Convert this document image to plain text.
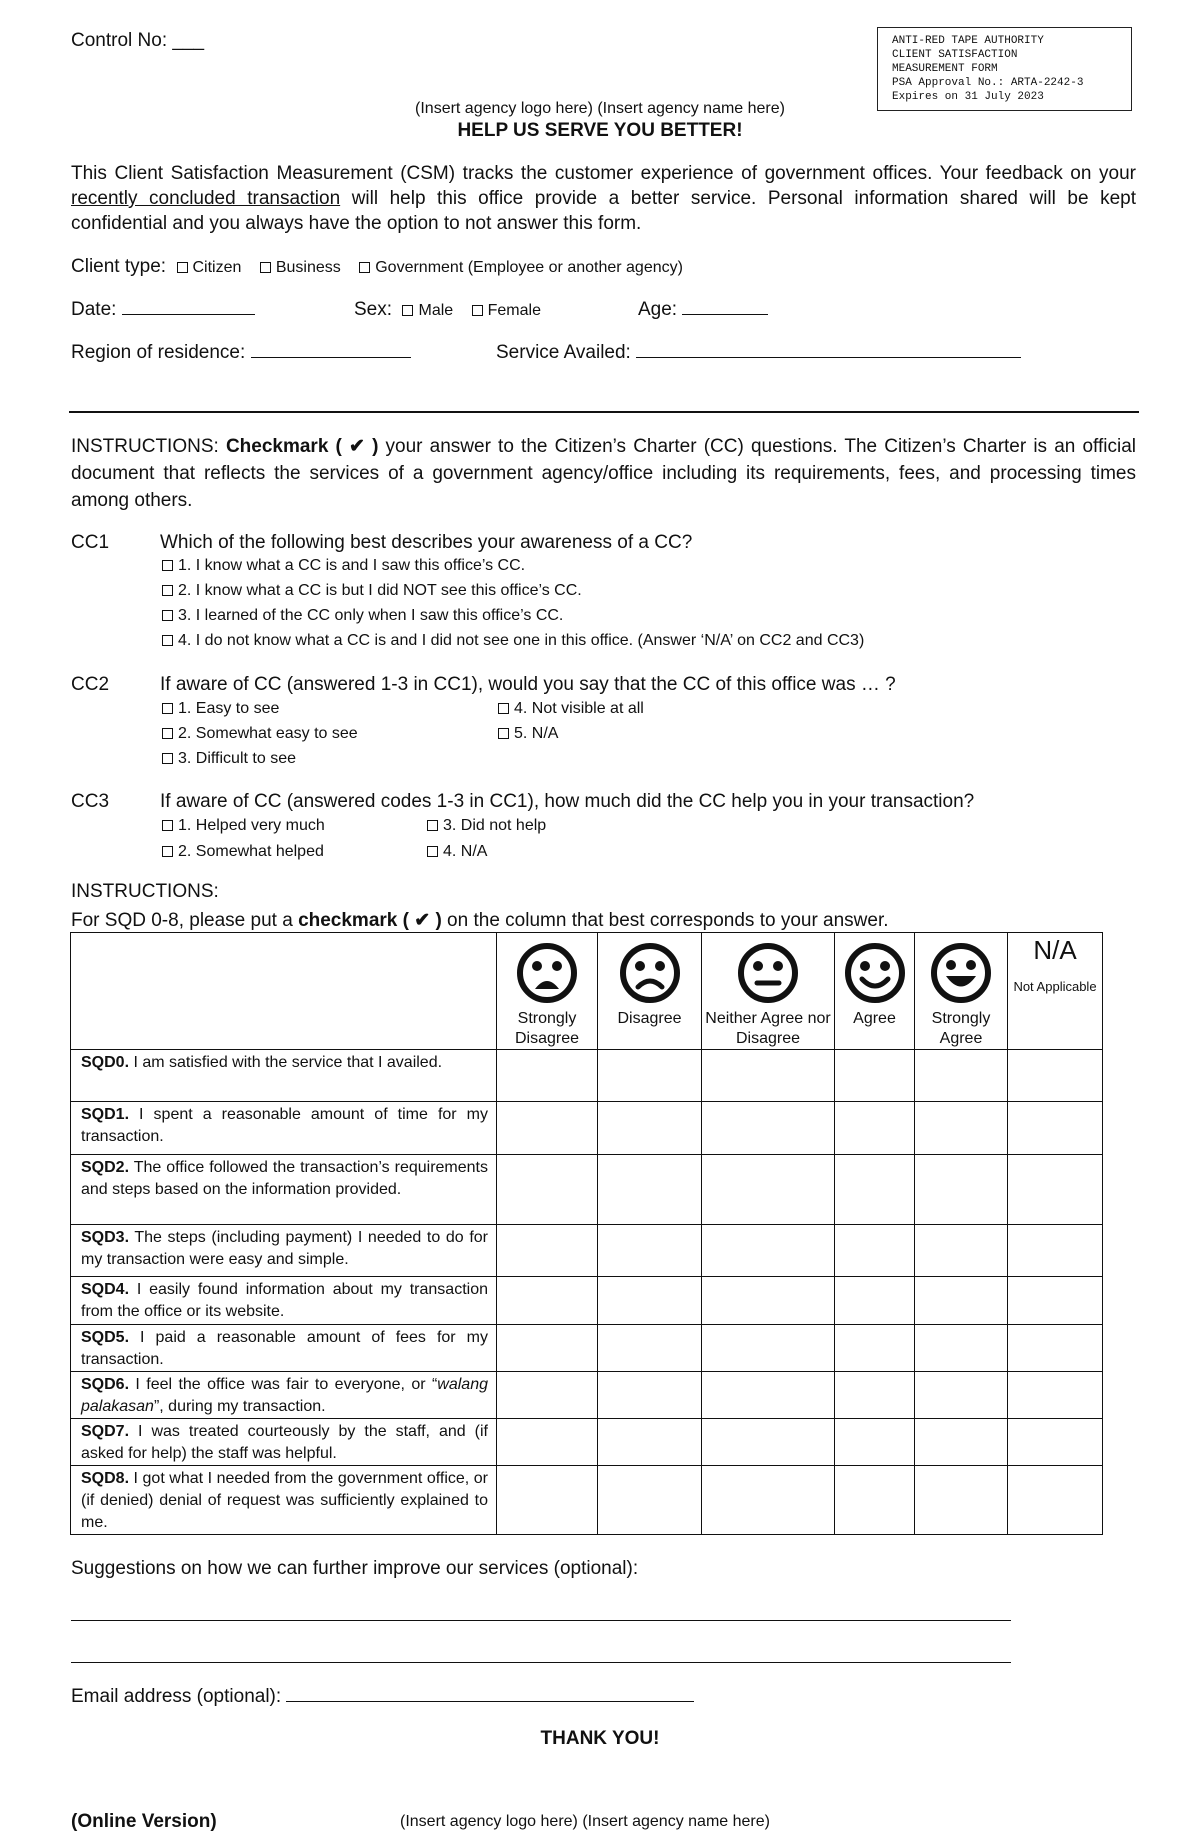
Control No: ___	ANTI-RED TAPE AUTHORITY
CLIENT SATISFACTION
MEASUREMENT FORM
PSA Approval No.: ARTA-2242-3
Expires on 31 July 2023
(Insert agency logo here) (Insert agency name here)
HELP US SERVE YOU BETTER!
This Client Satisfaction Measurement (CSM) tracks the customer experience of government offices. Your feedback on your recently concluded transaction will help this office provide a better service. Personal information shared will be kept confidential and you always have the option to not answer this form.
Client type: Citizen Business Government (Employee or another agency)
Date:	Sex: Male Female	Age:
Region of residence:	Service Availed:
INSTRUCTIONS: Checkmark ( ✔ ) your answer to the Citizen’s Charter (CC) questions. The Citizen’s Charter is an official document that reflects the services of a government agency/office including its requirements, fees, and processing times among others.
CC1	Which of the following best describes your awareness of a CC?
1. I know what a CC is and I saw this office’s CC.
2. I know what a CC is but I did NOT see this office’s CC.
3. I learned of the CC only when I saw this office’s CC.
4. I do not know what a CC is and I did not see one in this office. (Answer ‘N/A’ on CC2 and CC3)
CC2	If aware of CC (answered 1-3 in CC1), would you say that the CC of this office was … ?
1. Easy to see
2. Somewhat easy to see
3. Difficult to see
4. Not visible at all
5. N/A
CC3	If aware of CC (answered codes 1-3 in CC1), how much did the CC help you in your transaction?
1. Helped very much
2. Somewhat helped
3. Did not help
4. N/A
INSTRUCTIONS:
For SQD 0-8, please put a checkmark ( ✔ ) on the column that best corresponds to your answer.

	Strongly Disagree	Disagree	Neither Agree nor Disagree	Agree	Strongly Agree	N/A
Not Applicable

SQD0. I am satisfied with the service that I availed.						
SQD1. I spent a reasonable amount of time for my transaction.						
SQD2. The office followed the transaction’s requirements and steps based on the information provided.						
SQD3. The steps (including payment) I needed to do for my transaction were easy and simple.						
SQD4. I easily found information about my transaction from the office or its website.						
SQD5. I paid a reasonable amount of fees for my transaction.						
SQD6. I feel the office was fair to everyone, or “walang palakasan”, during my transaction.						
SQD7. I was treated courteously by the staff, and (if asked for help) the staff was helpful.						
SQD8. I got what I needed from the government office, or (if denied) denial of request was sufficiently explained to me.						
Suggestions on how we can further improve our services (optional):
Email address (optional):
THANK YOU!
(Online Version)	(Insert agency logo here) (Insert agency name here)
